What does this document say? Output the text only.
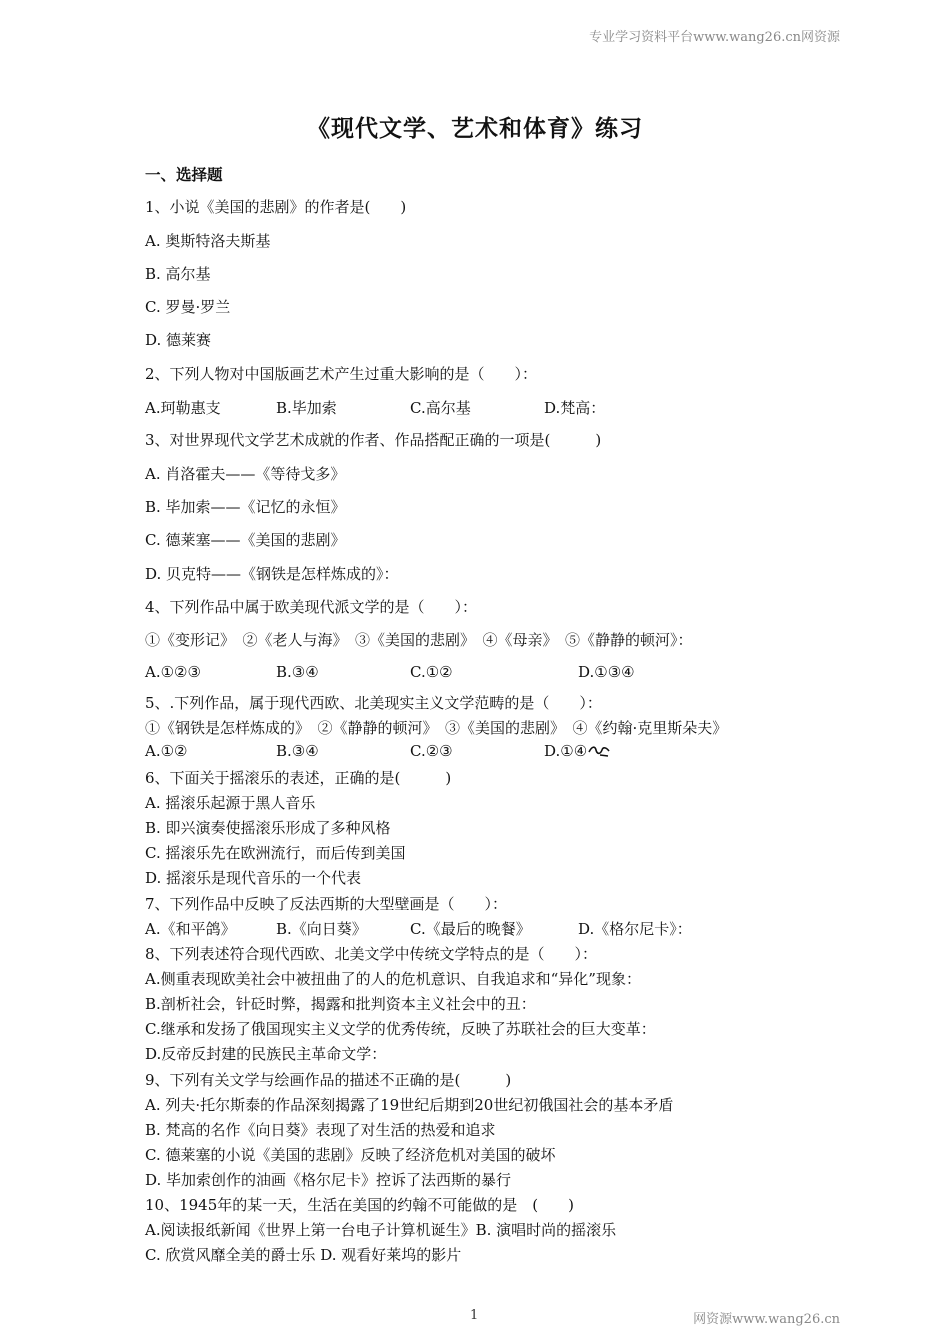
专业学习资料平台www.wang26.cn网资源
《现代文学、艺术和体育》练习
一、选择题
1、小说《美国的悲剧》的作者是(　　)
A. 奥斯特洛夫斯基
B. 高尔基
C. 罗曼·罗兰
D. 德莱赛
2、下列人物对中国版画艺术产生过重大影响的是（　　）：
A.珂勒惠支	B.毕加索	C.高尔基	D.梵高：
3、对世界现代文学艺术成就的作者、作品搭配正确的一项是(　　　)
A. 肖洛霍夫——《等待戈多》
B. 毕加索——《记忆的永恒》
C. 德莱塞——《美国的悲剧》
D. 贝克特——《钢铁是怎样炼成的》：
4、下列作品中属于欧美现代派文学的是（　　）：
①《变形记》　②《老人与海》　③《美国的悲剧》　④《母亲》　⑤《静静的顿河》：
A.①②③	B.③④	C.①②	D.①③④
5、.下列作品，属于现代西欧、北美现实主义文学范畴的是（　　）：
①《钢铁是怎样炼成的》　②《静静的顿河》　③《美国的悲剧》　④《约翰·克里斯朵夫》
A.①②	B.③④	C.②③	D.①④
6、下面关于摇滚乐的表述，正确的是(　　　)
A. 摇滚乐起源于黑人音乐
B. 即兴演奏使摇滚乐形成了多种风格
C. 摇滚乐先在欧洲流行，而后传到美国
D. 摇滚乐是现代音乐的一个代表
7、下列作品中反映了反法西斯的大型壁画是（　　）：
A.《和平鸽》	B.《向日葵》	C.《最后的晚餐》	D.《格尔尼卡》：
8、下列表述符合现代西欧、北美文学中传统文学特点的是（　　）：
A.侧重表现欧美社会中被扭曲了的人的危机意识、自我追求和“异化”现象：
B.剖析社会，针砭时弊，揭露和批判资本主义社会中的丑：
C.继承和发扬了俄国现实主义文学的优秀传统，反映了苏联社会的巨大变革：
D.反帝反封建的民族民主革命文学：
9、下列有关文学与绘画作品的描述不正确的是(　　　)
A. 列夫·托尔斯泰的作品深刻揭露了19世纪后期到20世纪初俄国社会的基本矛盾
B. 梵高的名作《向日葵》表现了对生活的热爱和追求
C. 德莱塞的小说《美国的悲剧》反映了经济危机对美国的破坏
D. 毕加索创作的油画《格尔尼卡》控诉了法西斯的暴行
10、1945年的某一天，生活在美国的约翰不可能做的是　(　　)
A.阅读报纸新闻《世界上第一台电子计算机诞生》B. 演唱时尚的摇滚乐
C. 欣赏风靡全美的爵士乐 D. 观看好莱坞的影片
1	网资源www.wang26.cn
